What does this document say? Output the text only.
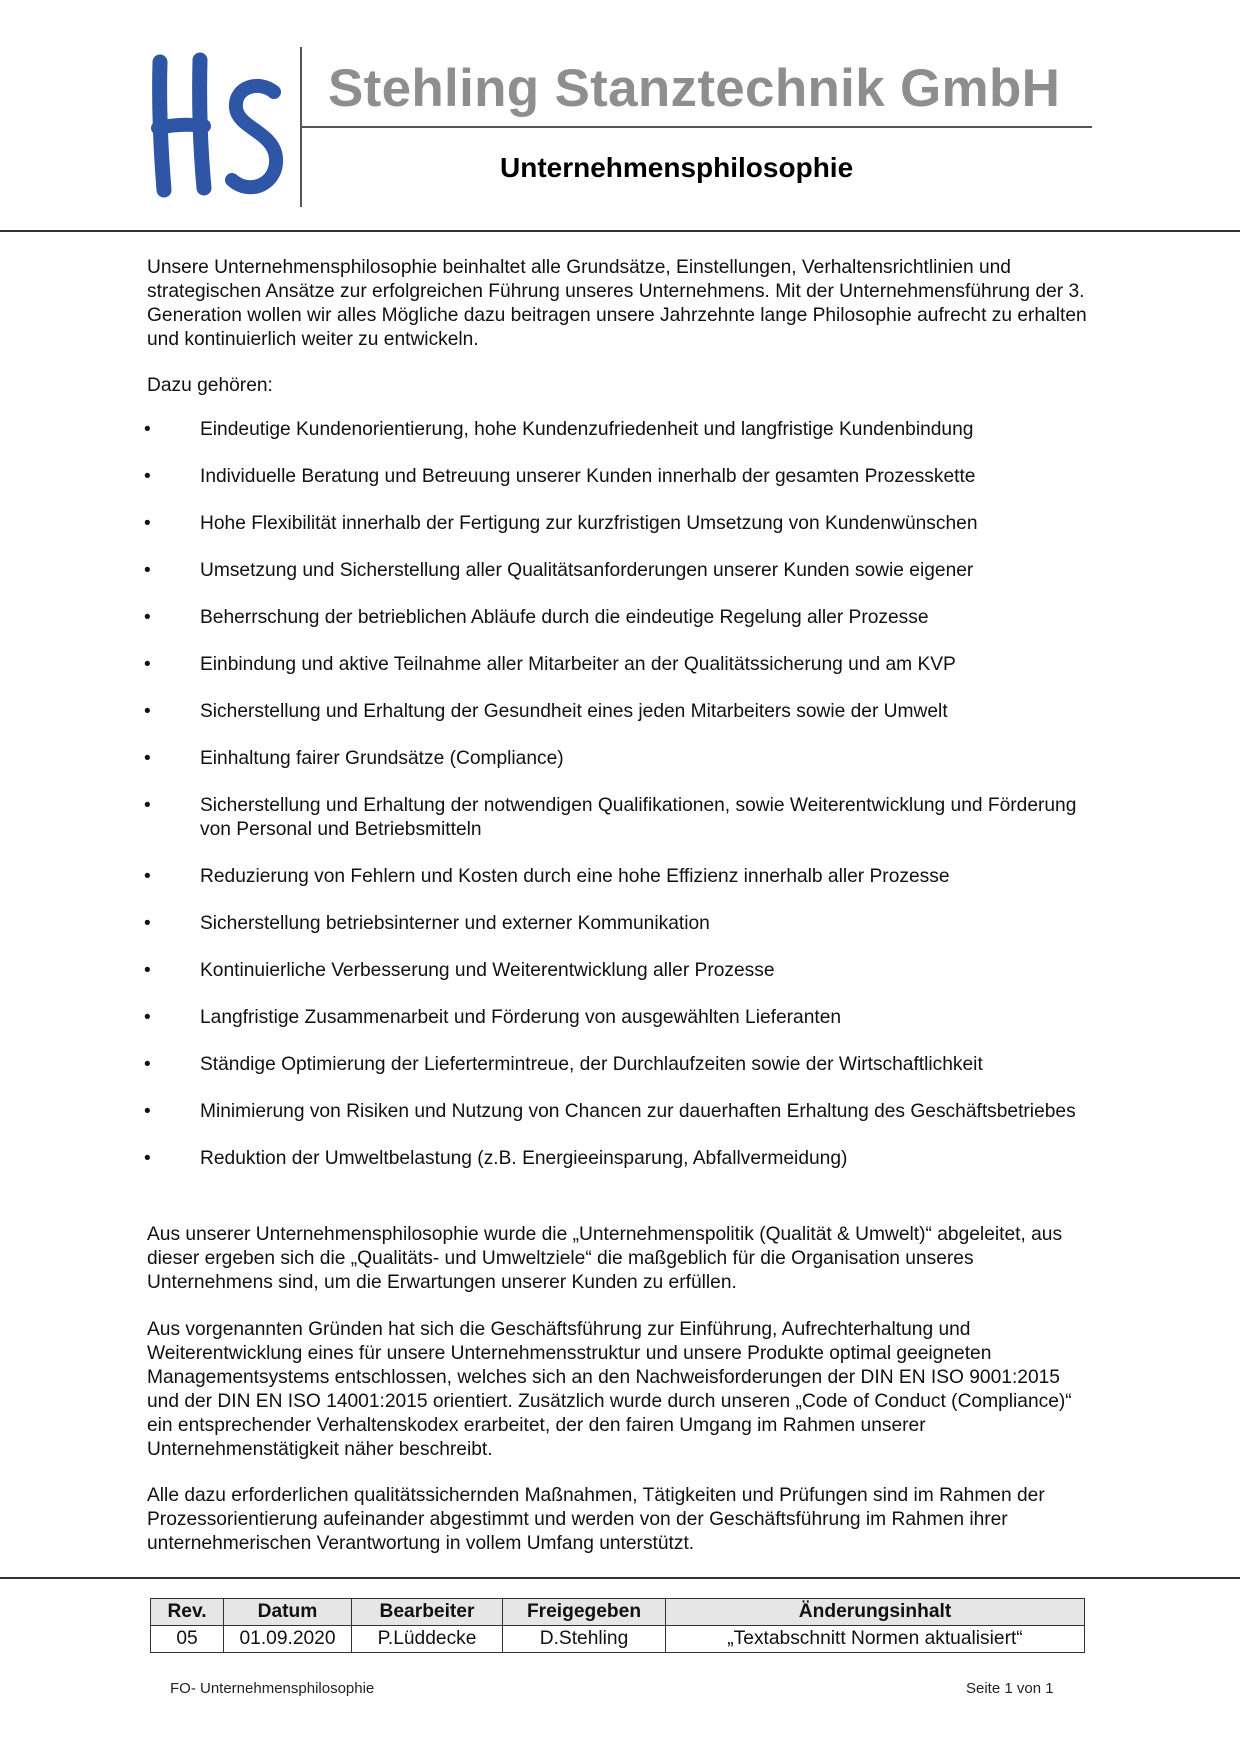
Stehling Stanztechnik GmbH
Unternehmensphilosophie
Unsere Unternehmensphilosophie beinhaltet alle Grundsätze, Einstellungen, Verhaltensrichtlinien und strategischen Ansätze zur erfolgreichen Führung unseres Unternehmens. Mit der Unternehmensführung der 3. Generation wollen wir alles Mögliche dazu beitragen unsere Jahrzehnte lange Philosophie aufrecht zu erhalten und kontinuierlich weiter zu entwickeln.
Dazu gehören:
• Eindeutige Kundenorientierung, hohe Kundenzufriedenheit und langfristige Kundenbindung
• Individuelle Beratung und Betreuung unserer Kunden innerhalb der gesamten Prozesskette
• Hohe Flexibilität innerhalb der Fertigung zur kurzfristigen Umsetzung von Kundenwünschen
• Umsetzung und Sicherstellung aller Qualitätsanforderungen unserer Kunden sowie eigener
• Beherrschung der betrieblichen Abläufe durch die eindeutige Regelung aller Prozesse
• Einbindung und aktive Teilnahme aller Mitarbeiter an der Qualitätssicherung und am KVP
• Sicherstellung und Erhaltung der Gesundheit eines jeden Mitarbeiters sowie der Umwelt
• Einhaltung fairer Grundsätze (Compliance)
• Sicherstellung und Erhaltung der notwendigen Qualifikationen, sowie Weiterentwicklung und Förderung von Personal und Betriebsmitteln
• Reduzierung von Fehlern und Kosten durch eine hohe Effizienz innerhalb aller Prozesse
• Sicherstellung betriebsinterner und externer Kommunikation
• Kontinuierliche Verbesserung und Weiterentwicklung aller Prozesse
• Langfristige Zusammenarbeit und Förderung von ausgewählten Lieferanten
• Ständige Optimierung der Liefertermintreue, der Durchlaufzeiten sowie der Wirtschaftlichkeit
• Minimierung von Risiken und Nutzung von Chancen zur dauerhaften Erhaltung des Geschäftsbetriebes
• Reduktion der Umweltbelastung (z.B. Energieeinsparung, Abfallvermeidung)
Aus unserer Unternehmensphilosophie wurde die „Unternehmenspolitik (Qualität & Umwelt)“ abgeleitet, aus dieser ergeben sich die „Qualitäts- und Umweltziele“ die maßgeblich für die Organisation unseres Unternehmens sind, um die Erwartungen unserer Kunden zu erfüllen.
Aus vorgenannten Gründen hat sich die Geschäftsführung zur Einführung, Aufrechterhaltung und Weiterentwicklung eines für unsere Unternehmensstruktur und unsere Produkte optimal geeigneten Managementsystems entschlossen, welches sich an den Nachweisforderungen der DIN EN ISO 9001:2015 und der DIN EN ISO 14001:2015 orientiert. Zusätzlich wurde durch unseren „Code of Conduct (Compliance)“ ein entsprechender Verhaltenskodex erarbeitet, der den fairen Umgang im Rahmen unserer Unternehmenstätigkeit näher beschreibt.
Alle dazu erforderlichen qualitätssichernden Maßnahmen, Tätigkeiten und Prüfungen sind im Rahmen der Prozessorientierung aufeinander abgestimmt und werden von der Geschäftsführung im Rahmen ihrer unternehmerischen Verantwortung in vollem Umfang unterstützt.
Rev.	Datum	Bearbeiter	Freigegeben	Änderungsinhalt
05	01.09.2020	P.Lüddecke	D.Stehling	„Textabschnitt Normen aktualisiert“
FO- Unternehmensphilosophie	Seite 1 von 1
